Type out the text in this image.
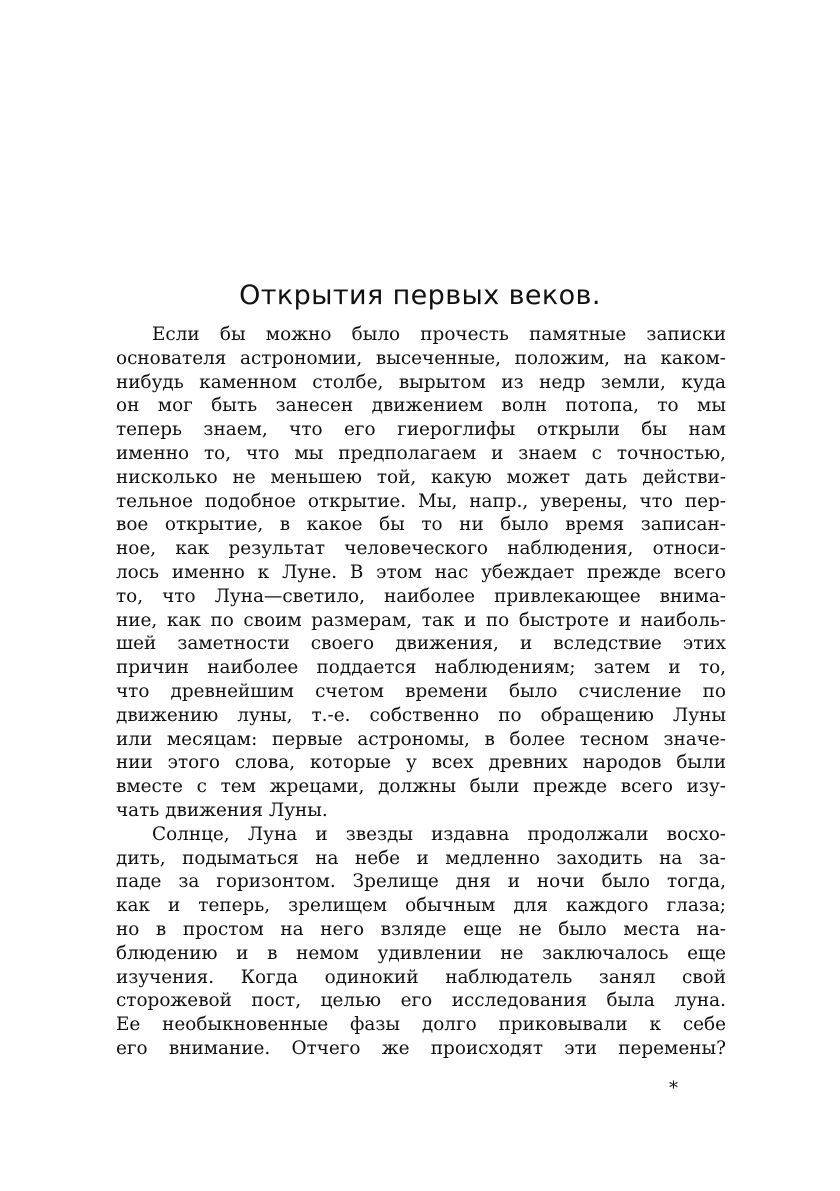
Открытия первых веков.
Если бы можно было прочесть памятные записки
основателя астрономии, высеченные, положим, на каком-
нибудь каменном столбе, вырытом из недр земли, куда
он мог быть занесен движением волн потопа, то мы
теперь знаем, что его гиероглифы открыли бы нам
именно то, что мы предполагаем и знаем с точностью,
нисколько не меньшею той, какую может дать действи-
тельное подобное открытие. Мы, напр., уверены, что пер-
вое открытие, в какое бы то ни было время записан-
ное, как результат человеческого наблюдения, относи-
лось именно к Луне. В этом нас убеждает прежде всего
то, что Луна—светило, наиболее привлекающее внима-
ние, как по своим размерам, так и по быстроте и наиболь-
шей заметности своего движения, и вследствие этих
причин наиболее поддается наблюдениям; затем и то,
что древнейшим счетом времени было счисление по
движению луны, т.-е. собственно по обращению Луны
или месяцам: первые астрономы, в более тесном значе-
нии этого слова, которые у всех древних народов были
вместе с тем жрецами, должны были прежде всего изу-
чать движения Луны.
Солнце, Луна и звезды издавна продолжали восхо-
дить, подыматься на небе и медленно заходить на за-
паде за горизонтом. Зрелище дня и ночи было тогда,
как и теперь, зрелищем обычным для каждого глаза;
но в простом на него взляде еще не было места на-
блюдению и в немом удивлении не заключалось еще
изучения. Когда одинокий наблюдатель занял свой
сторожевой пост, целью его исследования была луна.
Ее необыкновенные фазы долго приковывали к себе
его внимание. Отчего же происходят эти перемены?
*
